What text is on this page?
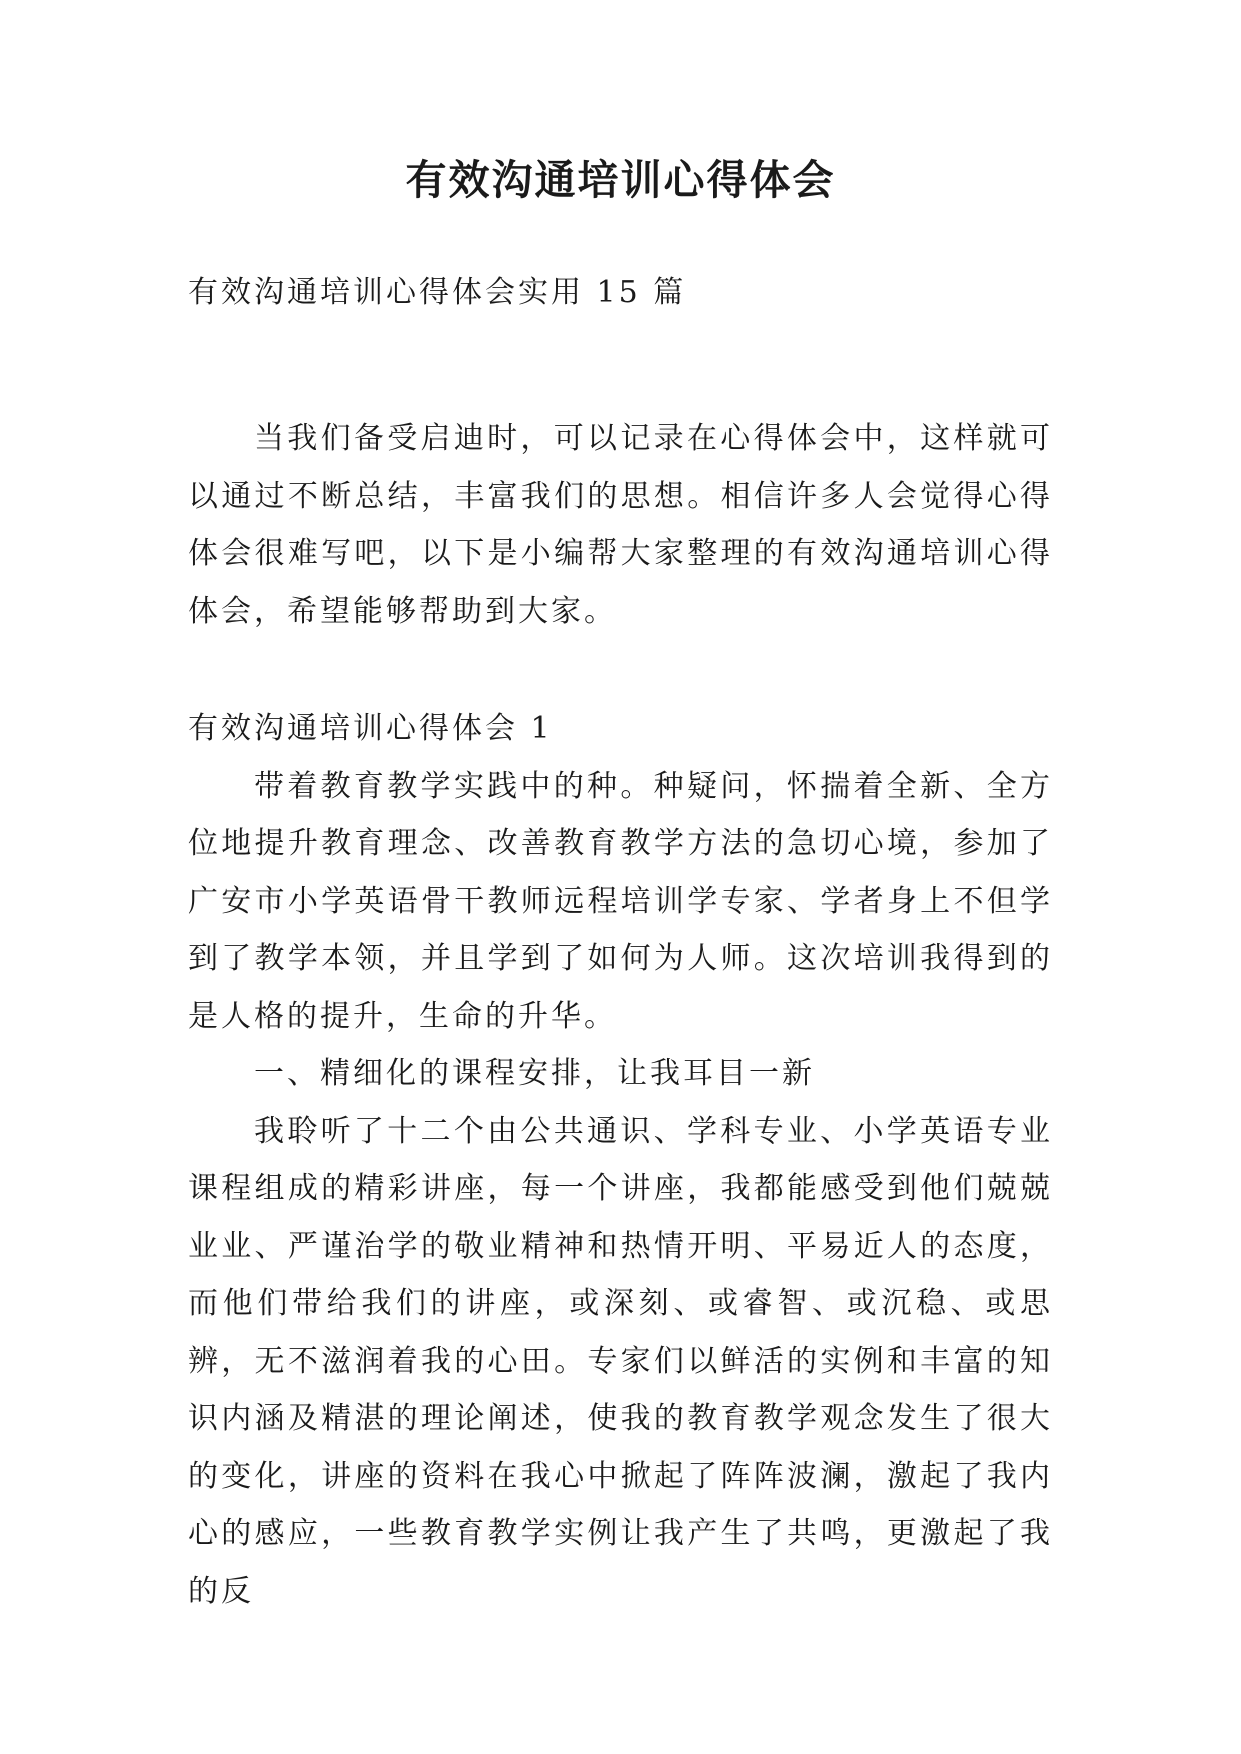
有效沟通培训心得体会

有效沟通培训心得体会实用 15 篇

当我们备受启迪时，可以记录在心得体会中，这样就可以通过不断总结，丰富我们的思想。相信许多人会觉得心得体会很难写吧，以下是小编帮大家整理的有效沟通培训心得体会，希望能够帮助到大家。

有效沟通培训心得体会 1

带着教育教学实践中的种。种疑问，怀揣着全新、全方位地提升教育理念、改善教育教学方法的急切心境，参加了广安市小学英语骨干教师远程培训学专家、学者身上不但学到了教学本领，并且学到了如何为人师。这次培训我得到的是人格的提升，生命的升华。

一、精细化的课程安排，让我耳目一新

我聆听了十二个由公共通识、学科专业、小学英语专业课程组成的精彩讲座，每一个讲座，我都能感受到他们兢兢业业、严谨治学的敬业精神和热情开明、平易近人的态度，而他们带给我们的讲座，或深刻、或睿智、或沉稳、或思辨，无不滋润着我的心田。专家们以鲜活的实例和丰富的知识内涵及精湛的理论阐述，使我的教育教学观念发生了很大的变化，讲座的资料在我心中掀起了阵阵波澜，激起了我内心的感应，一些教育教学实例让我产生了共鸣，更激起了我的反
